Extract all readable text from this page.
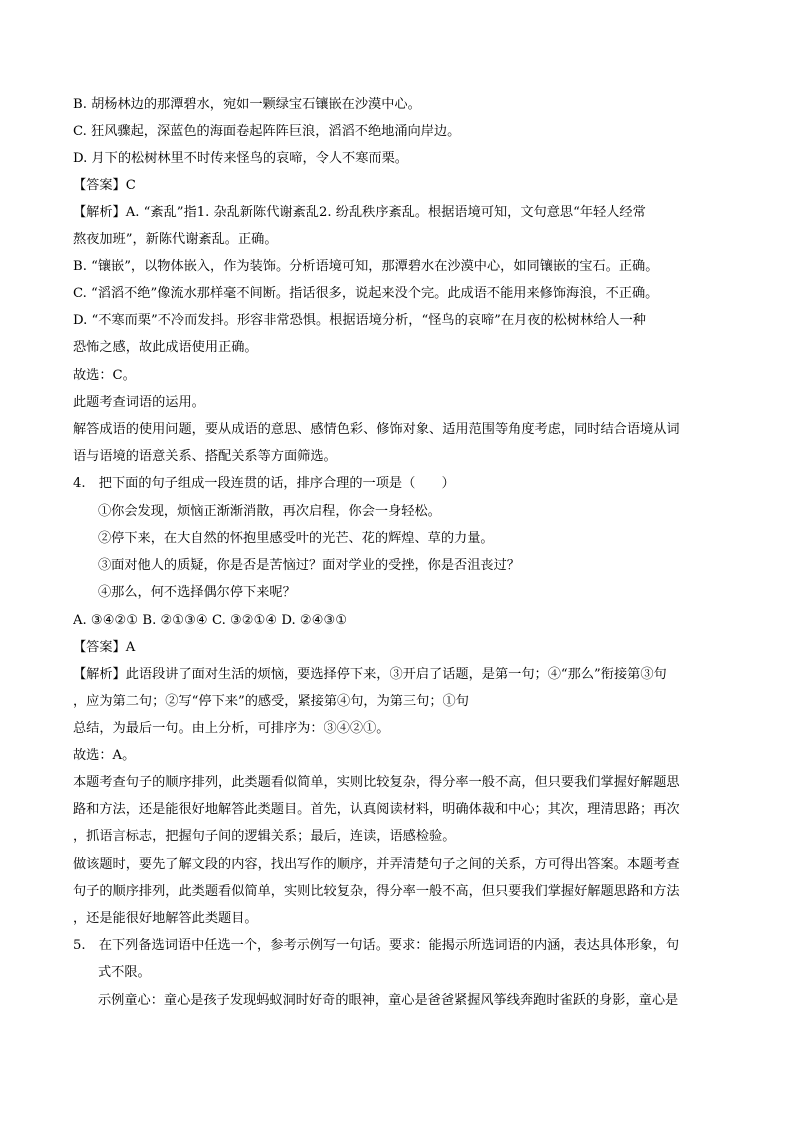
B. 胡杨林边的那潭碧水，宛如一颗绿宝石镶嵌在沙漠中心。
C. 狂风骤起，深蓝色的海面卷起阵阵巨浪，滔滔不绝地涌向岸边。
D. 月下的松树林里不时传来怪鸟的哀啼，令人不寒而栗。
【答案】C
【解析】A. “紊乱”指1. 杂乱新陈代谢紊乱2. 纷乱秩序紊乱。根据语境可知，文句意思“年轻人经常
熬夜加班”，新陈代谢紊乱。正确。
B. “镶嵌”，以物体嵌入，作为装饰。分析语境可知，那潭碧水在沙漠中心，如同镶嵌的宝石。正确。
C. “滔滔不绝”像流水那样毫不间断。指话很多，说起来没个完。此成语不能用来修饰海浪，不正确。
D. “不寒而栗”不冷而发抖。形容非常恐惧。根据语境分析，“怪鸟的哀啼”在月夜的松树林给人一种
恐怖之感，故此成语使用正确。
故选：C。
此题考查词语的运用。
解答成语的使用问题，要从成语的意思、感情色彩、修饰对象、适用范围等角度考虑，同时结合语境从词
语与语境的语意关系、搭配关系等方面筛选。
4.　把下面的句子组成一段连贯的话，排序合理的一项是（　　）
①你会发现，烦恼正渐渐消散，再次启程，你会一身轻松。
②停下来，在大自然的怀抱里感受叶的光芒、花的辉煌、草的力量。
③面对他人的质疑，你是否是苦恼过？面对学业的受挫，你是否沮丧过？
④那么，何不选择偶尔停下来呢？
A. ③④②① B. ②①③④ C. ③②①④ D. ②④③①
【答案】A
【解析】此语段讲了面对生活的烦恼，要选择停下来，③开启了话题，是第一句；④“那么”衔接第③句
，应为第二句；②写“停下来”的感受，紧接第④句，为第三句；①句
总结，为最后一句。由上分析，可排序为：③④②①。
故选：A。
本题考查句子的顺序排列，此类题看似简单，实则比较复杂，得分率一般不高，但只要我们掌握好解题思
路和方法，还是能很好地解答此类题目。首先，认真阅读材料，明确体裁和中心；其次，理清思路；再次
，抓语言标志，把握句子间的逻辑关系；最后，连读，语感检验。
做该题时，要先了解文段的内容，找出写作的顺序，并弄清楚句子之间的关系，方可得出答案。本题考查
句子的顺序排列，此类题看似简单，实则比较复杂，得分率一般不高，但只要我们掌握好解题思路和方法
，还是能很好地解答此类题目。
5.　在下列备选词语中任选一个，参考示例写一句话。要求：能揭示所选词语的内涵，表达具体形象，句
式不限。
示例童心：童心是孩子发现蚂蚁洞时好奇的眼神，童心是爸爸紧握风筝线奔跑时雀跃的身影，童心是
